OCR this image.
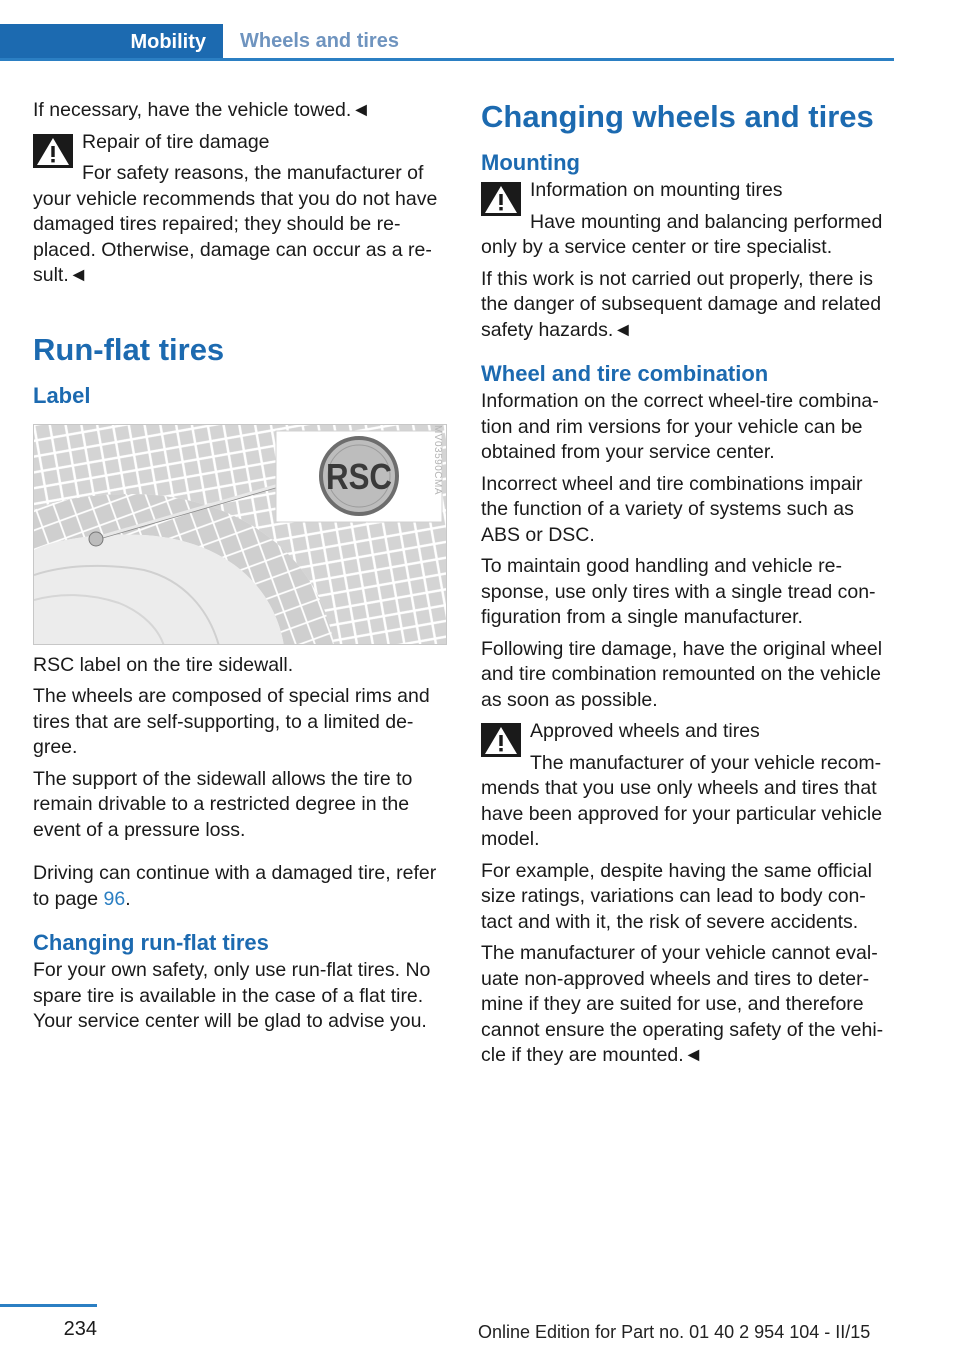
Mobility	Wheels and tires

If necessary, have the vehicle towed.◄

Repair of tire damage

For safety reasons, the manufacturer of your vehicle recommends that you do not have damaged tires repaired; they should be re‐placed. Otherwise, damage can occur as a re‐sult.◄

Run-flat tires
Label
RSC	MV03590CMA

RSC label on the tire sidewall.

The wheels are composed of special rims and tires that are self-supporting, to a limited de‐gree.

The support of the sidewall allows the tire to remain drivable to a restricted degree in the event of a pressure loss.

Driving can continue with a damaged tire, refer to page 96.

Changing run-flat tires

For your own safety, only use run-flat tires. No spare tire is available in the case of a flat tire. Your service center will be glad to advise you.

Changing wheels and tires
Mounting
Information on mounting tires

Have mounting and balancing performed only by a service center or tire specialist.

If this work is not carried out properly, there is the danger of subsequent damage and related safety hazards.◄

Wheel and tire combination

Information on the correct wheel-tire combina‐tion and rim versions for your vehicle can be obtained from your service center.

Incorrect wheel and tire combinations impair the function of a variety of systems such as ABS or DSC.

To maintain good handling and vehicle re‐sponse, use only tires with a single tread con‐figuration from a single manufacturer.

Following tire damage, have the original wheel and tire combination remounted on the vehicle as soon as possible.

Approved wheels and tires

The manufacturer of your vehicle recom‐mends that you use only wheels and tires that have been approved for your particular vehicle model.

For example, despite having the same official size ratings, variations can lead to body con‐tact and with it, the risk of severe accidents.

The manufacturer of your vehicle cannot eval‐uate non-approved wheels and tires to deter‐mine if they are suited for use, and therefore cannot ensure the operating safety of the vehi‐cle if they are mounted.◄

234	Online Edition for Part no. 01 40 2 954 104 - II/15
